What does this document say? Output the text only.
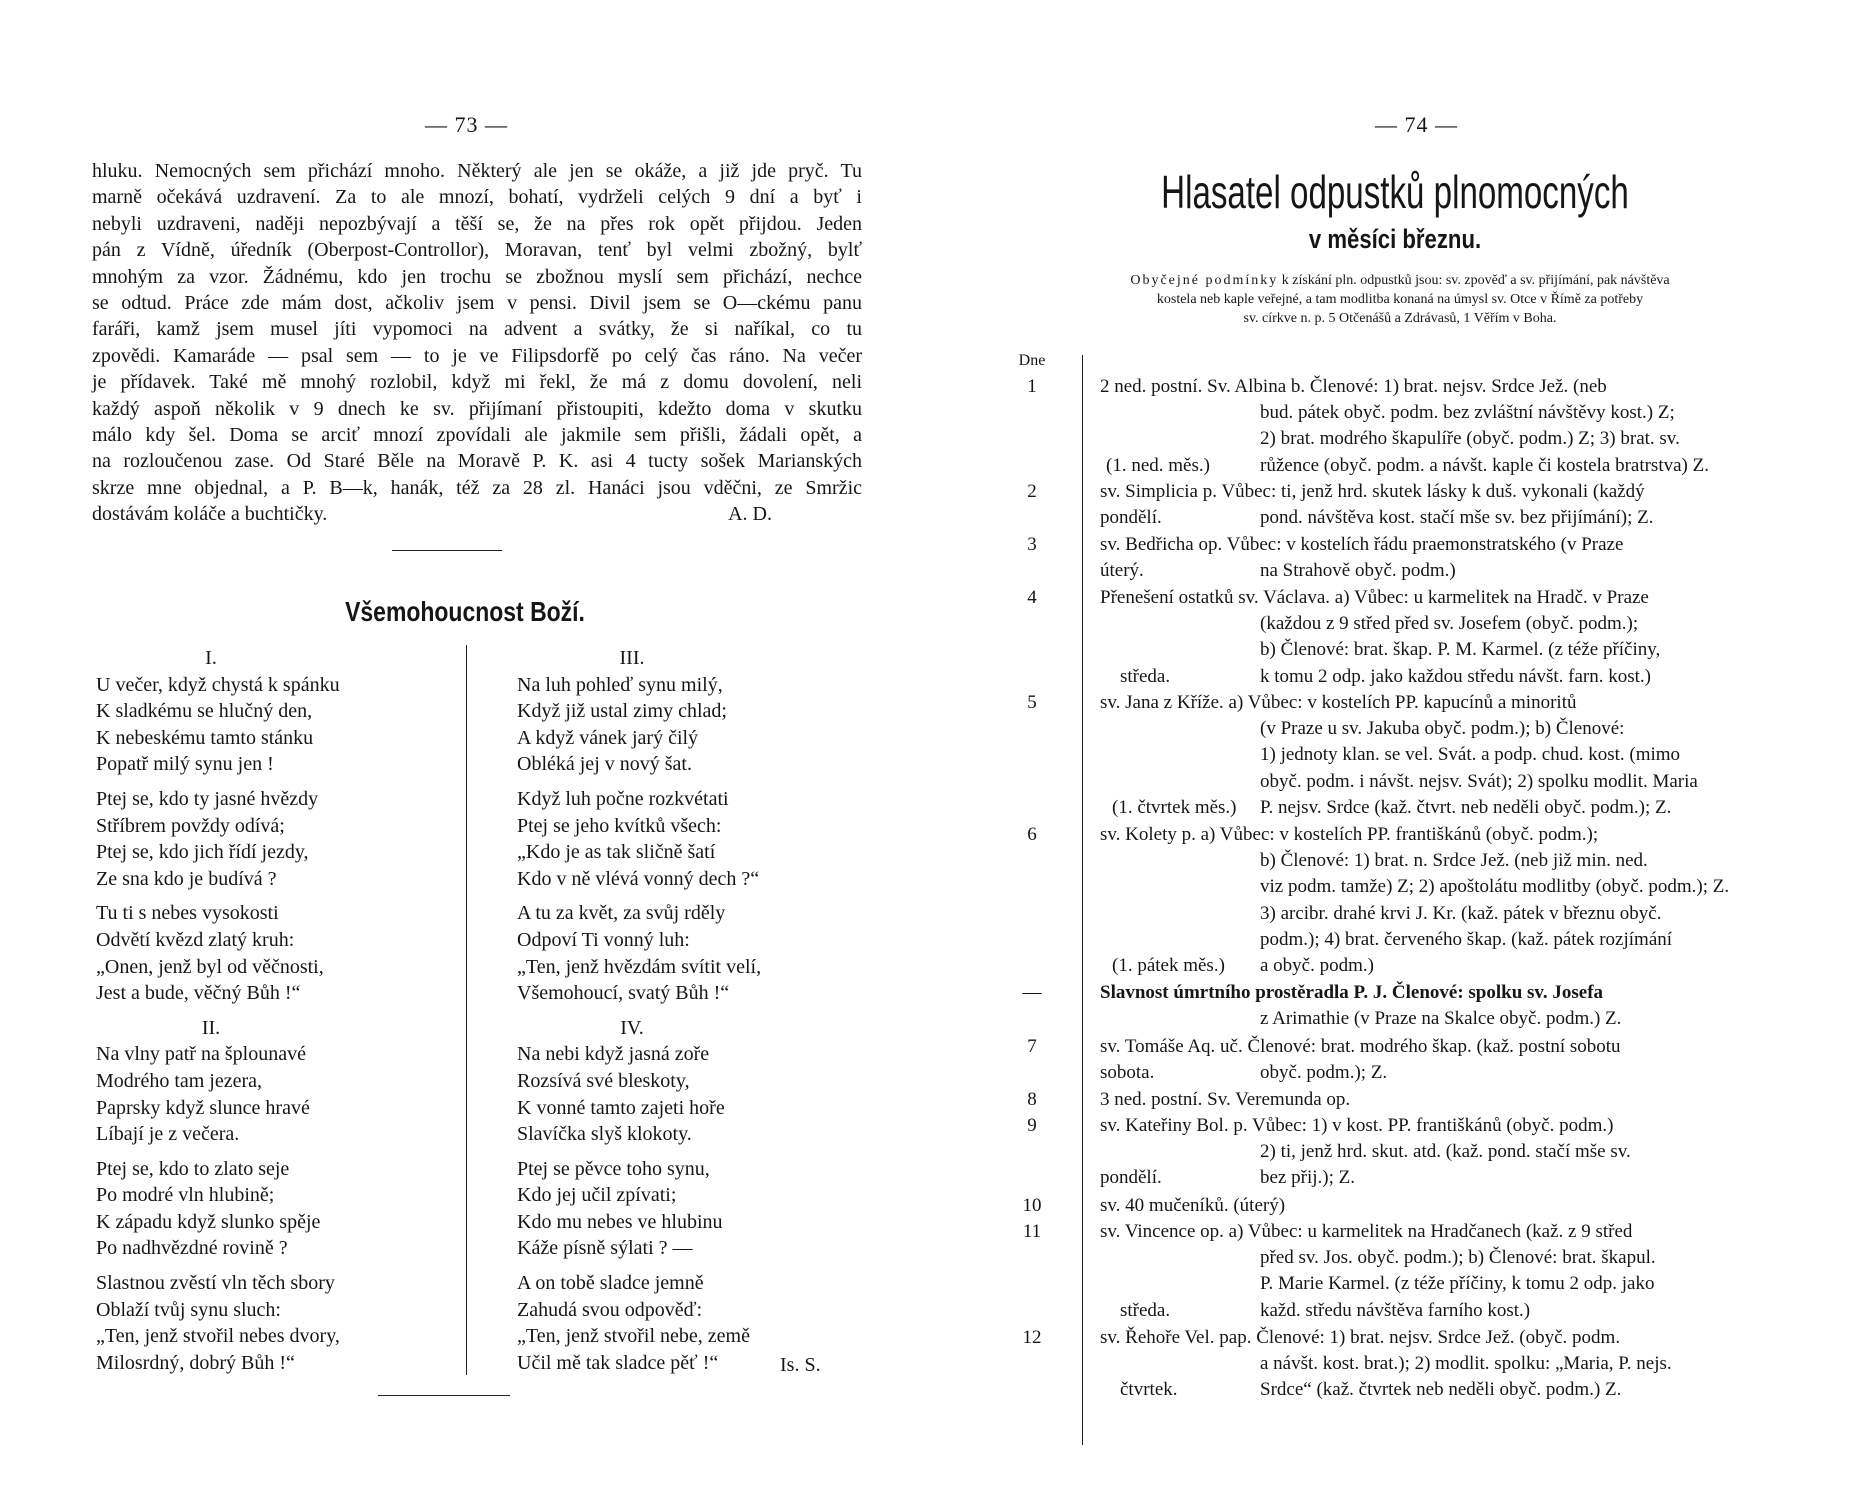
— 73 —
hluku. Nemocných sem přichází mnoho. Některý ale jen se okáže, a již jde pryč. Tu
marně očekává uzdravení. Za to ale mnozí, bohatí, vydrželi celých 9 dní a byť i
nebyli uzdraveni, naději nepozbývají a těší se, že na přes rok opět přijdou. Jeden
pán z Vídně, úředník (Oberpost-Controllor), Moravan, tenť byl velmi zbožný, bylť
mnohým za vzor. Žádnému, kdo jen trochu se zbožnou myslí sem přichází, nechce
se odtud. Práce zde mám dost, ačkoliv jsem v pensi. Divil jsem se O—ckému panu
faráři, kamž jsem musel jíti vypomoci na advent a svátky, že si naříkal, co tu
zpovědi. Kamaráde — psal sem — to je ve Filipsdorfě po celý čas ráno. Na večer
je přídavek. Také mě mnohý rozlobil, když mi řekl, že má z domu dovolení, neli
každý aspoň několik v 9 dnech ke sv. přijímaní přistoupiti, kdežto doma v skutku
málo kdy šel. Doma se arciť mnozí zpovídali ale jakmile sem přišli, žádali opět, a
na rozloučenou zase. Od Staré Běle na Moravě P. K. asi 4 tucty sošek Marianských
skrze mne objednal, a P. B—k, hanák, též za 28 zl. Hanáci jsou vděčni, ze Smržic
dostávám koláče a buchtičky.	A. D.
Všemohoucnost Boží.
I.
U večer, když chystá k spánku
K sladkému se hlučný den,
K nebeskému tamto stánku
Popatř milý synu jen !
Ptej se, kdo ty jasné hvězdy
Stříbrem povždy odívá;
Ptej se, kdo jich řídí jezdy,
Ze sna kdo je budívá ?
Tu ti s nebes vysokosti
Odvětí kvězd zlatý kruh:
„Onen, jenž byl od věčnosti,
Jest a bude, věčný Bůh !“
II.
Na vlny patř na šplounavé
Modrého tam jezera,
Paprsky když slunce hravé
Líbají je z večera.
Ptej se, kdo to zlato seje
Po modré vln hlubině;
K západu když slunko spěje
Po nadhvězdné rovině ?
Slastnou zvěstí vln těch sbory
Oblaží tvůj synu sluch:
„Ten, jenž stvořil nebes dvory,
Milosrdný, dobrý Bůh !“
III.
Na luh pohleď synu milý,
Když již ustal zimy chlad;
A když vánek jarý čilý
Obléká jej v nový šat.
Když luh počne rozkvétati
Ptej se jeho kvítků všech:
„Kdo je as tak sličně šatí
Kdo v ně vlévá vonný dech ?“
A tu za květ, za svůj rděly
Odpoví Ti vonný luh:
„Ten, jenž hvězdám svítit velí,
Všemohoucí, svatý Bůh !“
IV.
Na nebi když jasná zoře
Rozsívá své bleskoty,
K vonné tamto zajeti hoře
Slavíčka slyš klokoty.
Ptej se pěvce toho synu,
Kdo jej učil zpívati;
Kdo mu nebes ve hlubinu
Káže písně sýlati ? —
A on tobě sladce jemně
Zahudá svou odpověď:
„Ten, jenž stvořil nebe, země
Učil mě tak sladce pěť !“	Is. S.
— 74 —
Hlasatel odpustků plnomocných
v měsíci březnu.
Obyčejné podmínky k získání pln. odpustků jsou: sv. zpověď a sv. přijímání, pak návštěva
kostela neb kaple veřejné, a tam modlitba konaná na úmysl sv. Otce v Římě za potřeby
sv. církve n. p. 5 Otčenášů a Zdrávasů, 1 Věřím v Boha.
Dne
1	2 ned. postní. Sv. Albina b. Členové: 1) brat. nejsv. Srdce Jež. (neb
bud. pátek obyč. podm. bez zvláštní návštěvy kost.) Z;
2) brat. modrého škapulíře (obyč. podm.) Z; 3) brat. sv.
(1. ned. měs.)	růžence (obyč. podm. a návšt. kaple či kostela bratrstva) Z.
2	sv. Simplicia p. Vůbec: ti, jenž hrd. skutek lásky k duš. vykonali (každý
pondělí.	pond. návštěva kost. stačí mše sv. bez přijímání); Z.
3	sv. Bedřicha op. Vůbec: v kostelích řádu praemonstratského (v Praze
úterý.	na Strahově obyč. podm.)
4	Přenešení ostatků sv. Václava. a) Vůbec: u karmelitek na Hradč. v Praze
(každou z 9 střed před sv. Josefem (obyč. podm.);
b) Členové: brat. škap. P. M. Karmel. (z téže příčiny,
středa.	k tomu 2 odp. jako každou středu návšt. farn. kost.)
5	sv. Jana z Kříže. a) Vůbec: v kostelích PP. kapucínů a minoritů
(v Praze u sv. Jakuba obyč. podm.); b) Členové:
1) jednoty klan. se vel. Svát. a podp. chud. kost. (mimo
obyč. podm. i návšt. nejsv. Svát); 2) spolku modlit. Maria
(1. čtvrtek měs.) P. nejsv. Srdce (kaž. čtvrt. neb neděli obyč. podm.); Z.
6	sv. Kolety p. a) Vůbec: v kostelích PP. františkánů (obyč. podm.);
b) Členové: 1) brat. n. Srdce Jež. (neb již min. ned.
viz podm. tamže) Z; 2) apoštolátu modlitby (obyč. podm.); Z.
3) arcibr. drahé krvi J. Kr. (kaž. pátek v březnu obyč.
podm.); 4) brat. červeného škap. (kaž. pátek rozjímání
(1. pátek měs.) a obyč. podm.)
—	Slavnost úmrtního prostěradla P. J. Členové: spolku sv. Josefa
z Arimathie (v Praze na Skalce obyč. podm.) Z.
7	sv. Tomáše Aq. uč. Členové: brat. modrého škap. (kaž. postní sobotu
sobota.	obyč. podm.); Z.
8	3 ned. postní. Sv. Veremunda op.
9	sv. Kateřiny Bol. p. Vůbec: 1) v kost. PP. františkánů (obyč. podm.)
2) ti, jenž hrd. skut. atd. (kaž. pond. stačí mše sv.
pondělí.	bez přij.); Z.
10	sv. 40 mučeníků. (úterý)
11	sv. Vincence op. a) Vůbec: u karmelitek na Hradčanech (kaž. z 9 střed
před sv. Jos. obyč. podm.); b) Členové: brat. škapul.
P. Marie Karmel. (z téže příčiny, k tomu 2 odp. jako
středa.	každ. středu návštěva farního kost.)
12	sv. Řehoře Vel. pap. Členové: 1) brat. nejsv. Srdce Jež. (obyč. podm.
a návšt. kost. brat.); 2) modlit. spolku: „Maria, P. nejs.
čtvrtek.	Srdce“ (kaž. čtvrtek neb neděli obyč. podm.) Z.
